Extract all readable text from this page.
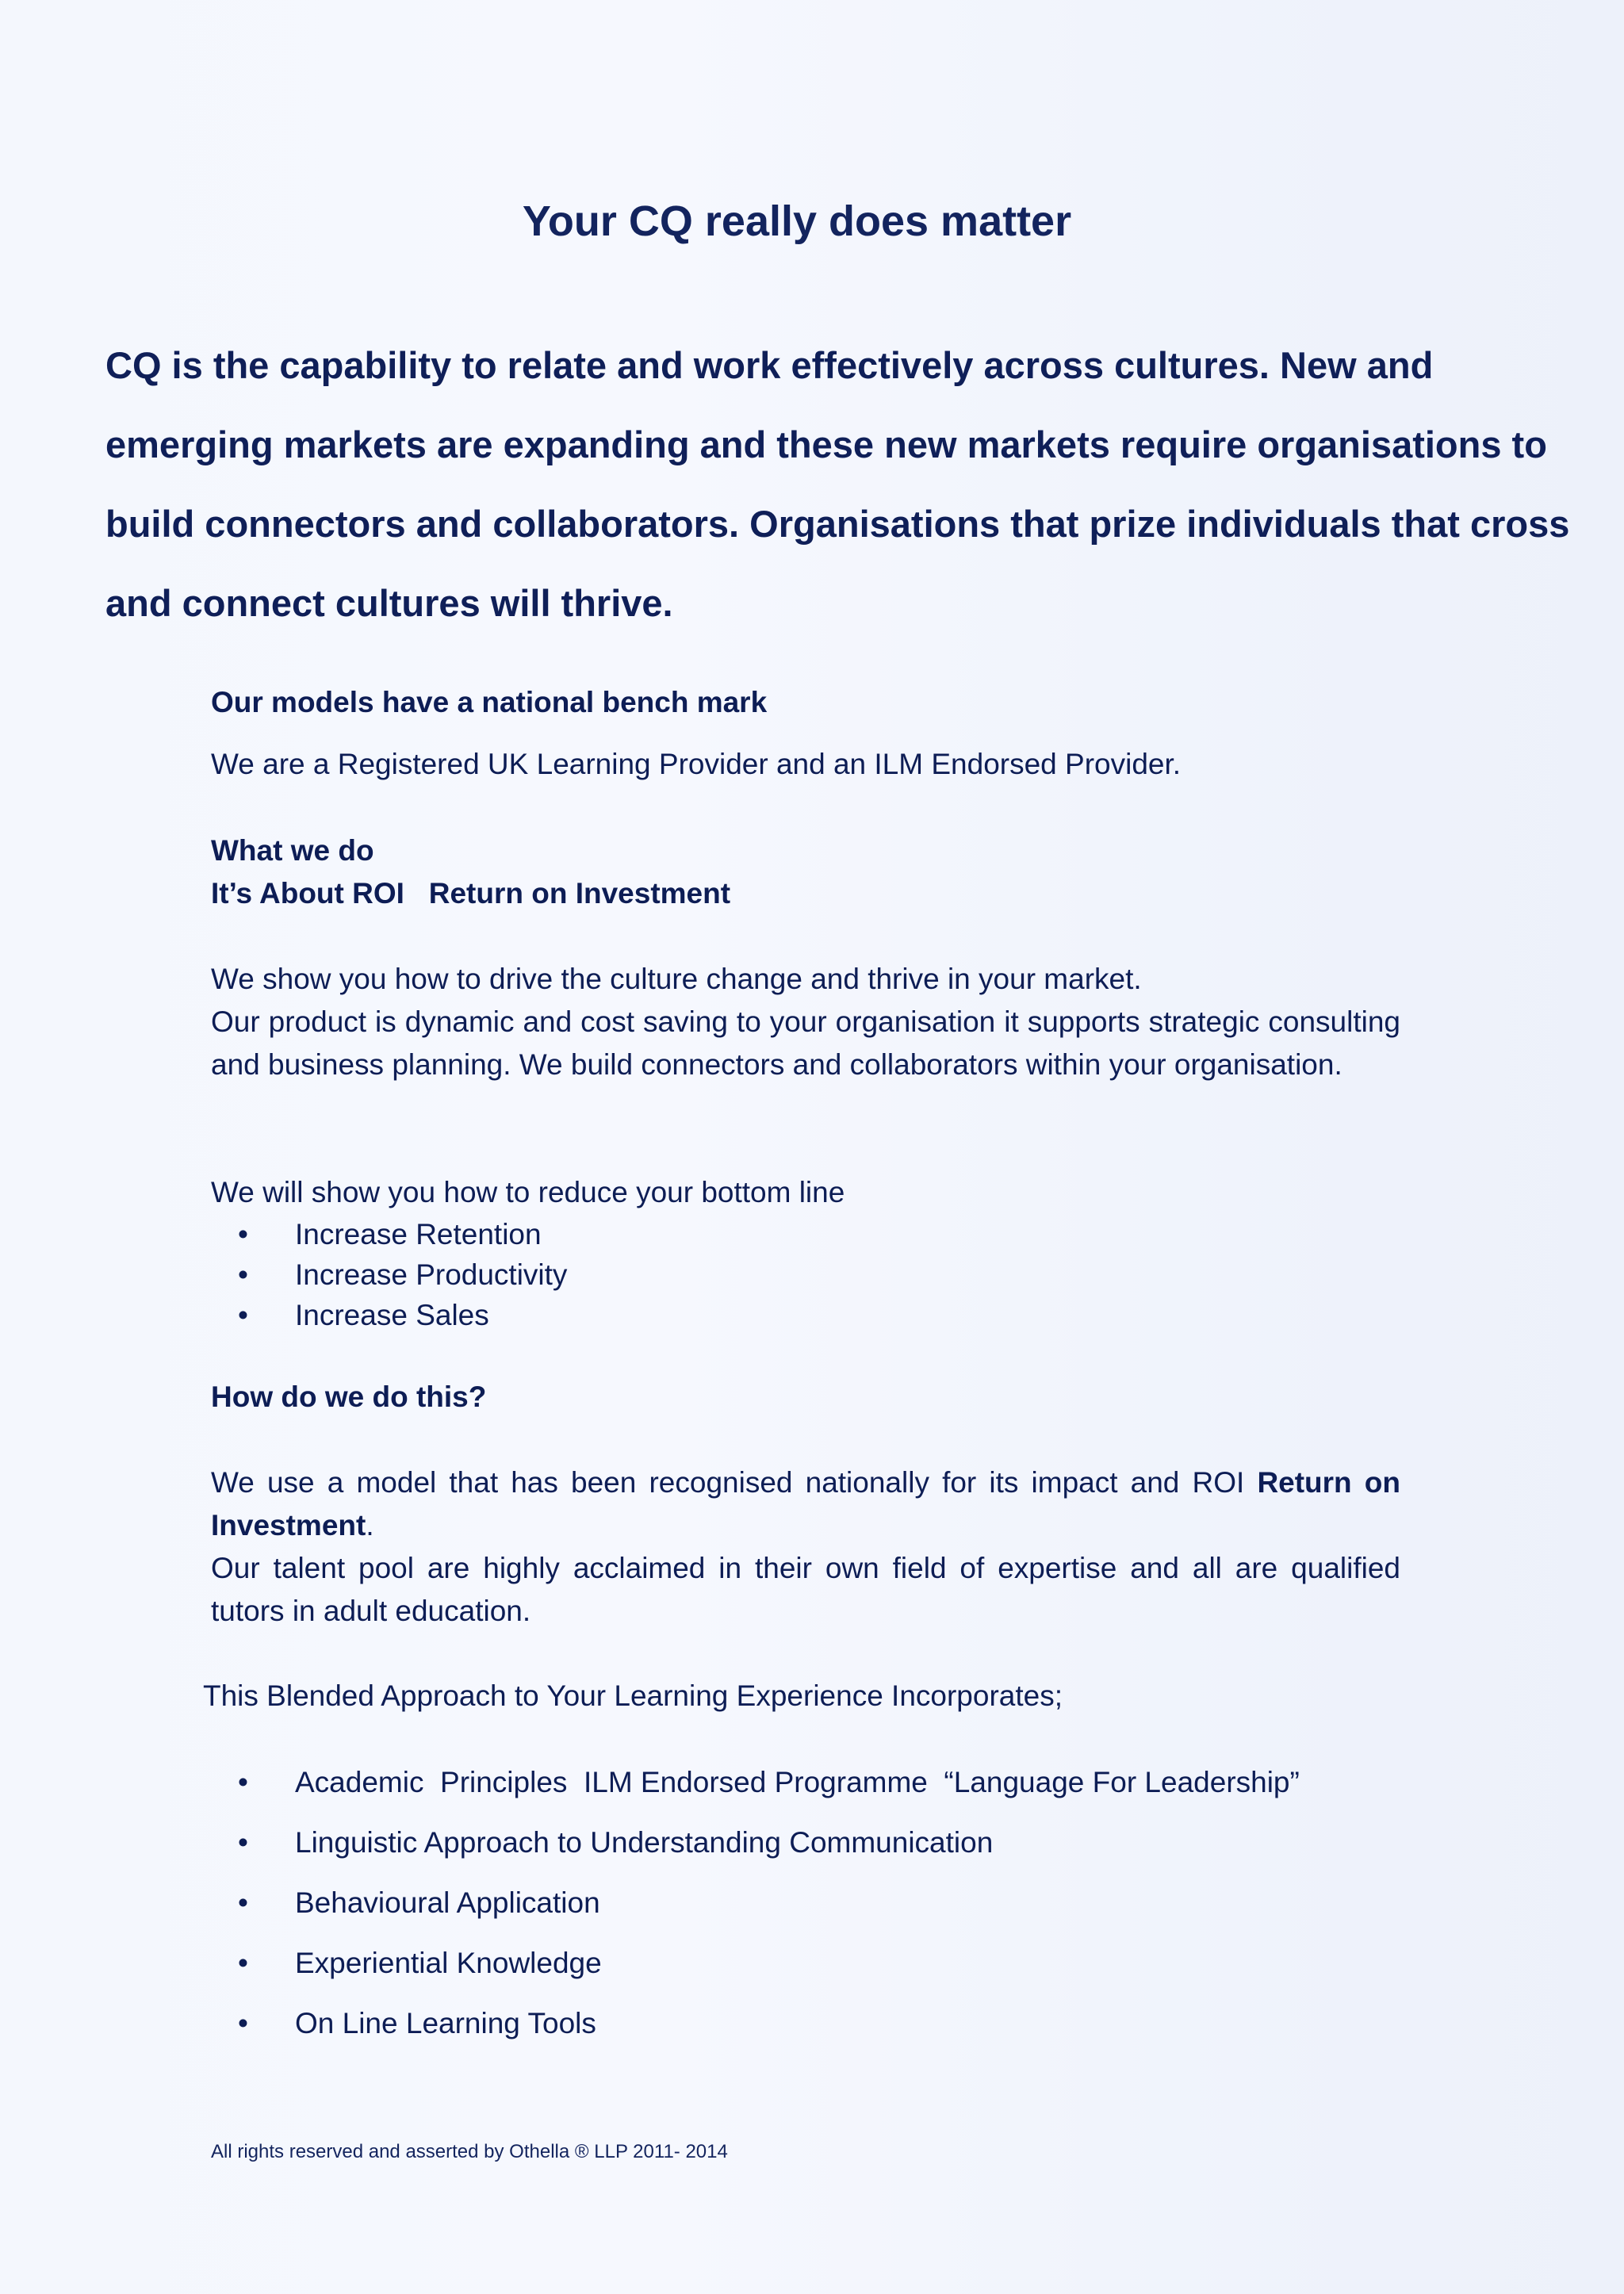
Your CQ really does matter

CQ is the capability to relate and work effectively across cultures. New and emerging markets are expanding and these new markets require organisations to build connectors and collaborators. Organisations that prize individuals that cross and connect cultures will thrive.

Our models have a national bench mark
We are a Registered UK Learning Provider and an ILM Endorsed Provider.
What we do
It’s About ROI   Return on Investment
We show you how to drive the culture change and thrive in your market.
Our product is dynamic and cost saving to your organisation it supports strategic consulting and business planning. We build connectors and collaborators within your organisation.
We will show you how to reduce your bottom line
• Increase Retention
• Increase Productivity
• Increase Sales
How do we do this?
We use a model that has been recognised nationally for its impact and ROI Return on Investment.
Our talent pool are highly acclaimed in their own field of expertise and all are qualified tutors in adult education.
This Blended Approach to Your Learning Experience Incorporates;
• Academic  Principles  ILM Endorsed Programme  “Language For Leadership”
• Linguistic Approach to Understanding Communication
• Behavioural Application
• Experiential Knowledge
• On Line Learning Tools
All rights reserved and asserted by Othella ® LLP 2011- 2014
